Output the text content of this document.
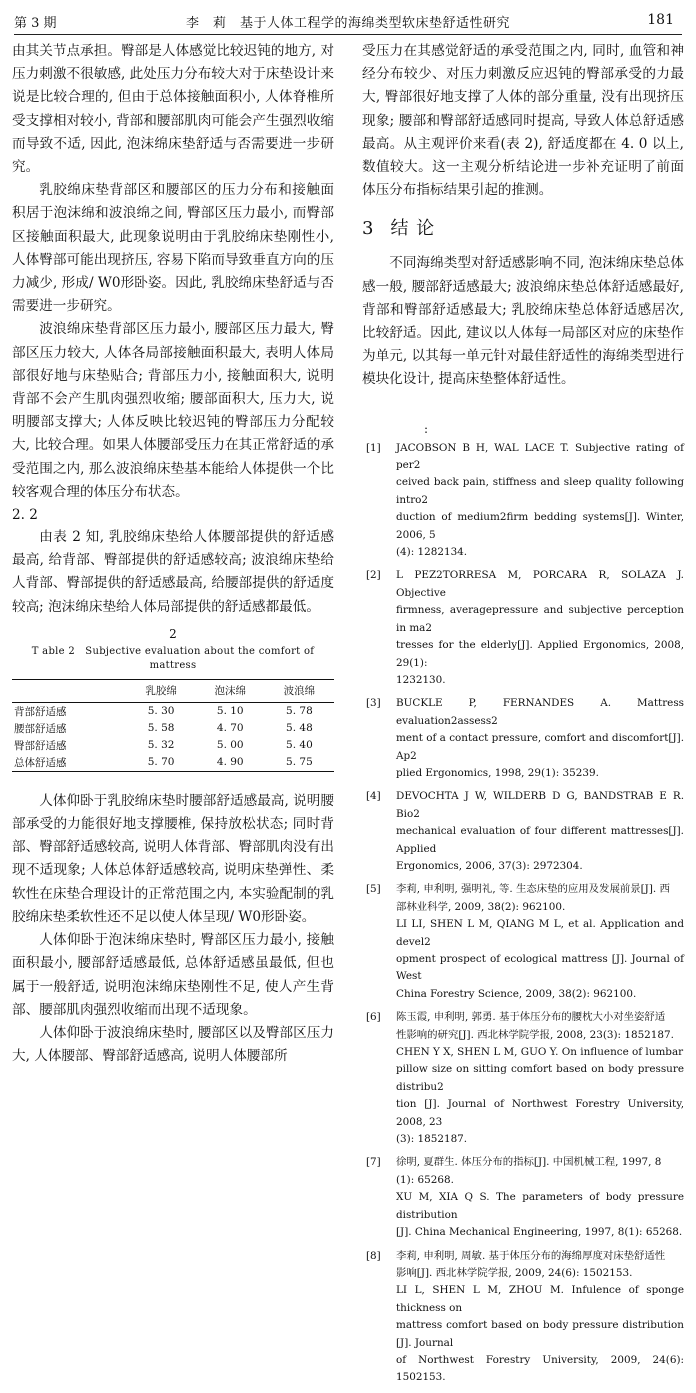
第 3 期	李　莉　基于人体工程学的海绵类型软床垫舒适性研究	181

由其关节点承担。臀部是人体感觉比较迟钝的地方, 对压力刺激不很敏感, 此处压力分布较大对于床垫设计来说是比较合理的, 但由于总体接触面积小, 人体脊椎所受支撑相对较小, 背部和腰部肌肉可能会产生强烈收缩而导致不适, 因此, 泡沫绵床垫舒适与否需要进一步研究。

乳胶绵床垫背部区和腰部区的压力分布和接触面积居于泡沫绵和波浪绵之间, 臀部区压力最小, 而臀部区接触面积最大, 此现象说明由于乳胶绵床垫刚性小, 人体臀部可能出现挤压, 容易下陷而导致垂直方向的压力减少, 形成/ W0形卧姿。因此, 乳胶绵床垫舒适与否需要进一步研究。

波浪绵床垫背部区压力最小, 腰部区压力最大, 臀部区压力较大, 人体各局部接触面积最大, 表明人体局部很好地与床垫贴合; 背部压力小, 接触面积大, 说明背部不会产生肌肉强烈收缩; 腰部面积大, 压力大, 说明腰部支撑大; 人体反映比较迟钝的臀部压力分配较大, 比较合理。如果人体腰部受压力在其正常舒适的承受范围之内, 那么波浪绵床垫基本能给人体提供一个比较客观合理的体压分布状态。

2. 2

由表 2 知, 乳胶绵床垫给人体腰部提供的舒适感最高, 给背部、臀部提供的舒适感较高; 波浪绵床垫给人背部、臀部提供的舒适感最高, 给腰部提供的舒适度较高; 泡沫绵床垫给人体局部提供的舒适感都最低。

2
T able 2　Subjective evaluation about the comfort of mattress
	乳胶绵	泡沫绵	波浪绵
背部舒适感	5. 30	5. 10	5. 78
腰部舒适感	5. 58	4. 70	5. 48
臀部舒适感	5. 32	5. 00	5. 40
总体舒适感	5. 70	4. 90	5. 75

人体仰卧于乳胶绵床垫时腰部舒适感最高, 说明腰部承受的力能很好地支撑腰椎, 保持放松状态; 同时背部、臀部舒适感较高, 说明人体背部、臀部肌肉没有出现不适现象; 人体总体舒适感较高, 说明床垫弹性、柔软性在床垫合理设计的正常范围之内, 本实验配制的乳胶绵床垫柔软性还不足以使人体呈现/ W0形卧姿。

人体仰卧于泡沫绵床垫时, 臀部区压力最小, 接触面积最小, 腰部舒适感最低, 总体舒适感虽最低, 但也属于一般舒适, 说明泡沫绵床垫刚性不足, 使人产生背部、腰部肌肉强烈收缩而出现不适现象。

人体仰卧于波浪绵床垫时, 腰部区以及臀部区压力大, 人体腰部、臀部舒适感高, 说明人体腰部所

受压力在其感觉舒适的承受范围之内, 同时, 血管和神经分布较少、对压力刺激反应迟钝的臀部承受的力最大, 臀部很好地支撑了人体的部分重量, 没有出现挤压现象; 腰部和臀部舒适感同时提高, 导致人体总舒适感最高。从主观评价来看(表 2), 舒适度都在 4. 0 以上, 数值较大。这一主观分析结论进一步补充证明了前面体压分布指标结果引起的推测。

3 结 论

不同海绵类型对舒适感影响不同, 泡沫绵床垫总体感一般, 腰部舒适感最大; 波浪绵床垫总体舒适感最好, 背部和臀部舒适感最大; 乳胶绵床垫总体舒适感居次, 比较舒适。因此, 建议以人体每一局部区对应的床垫作为单元, 以其每一单元针对最佳舒适性的海绵类型进行模块化设计, 提高床垫整体舒适性。

:
[1] JACOBSON B H, WAL LACE T. Subjective rating of per2
ceived back pain, stiffness and sleep quality following intro2
duction of medium2firm bedding systems[J]. Winter, 2006, 5
(4): 1282134.
[2] L PEZ2TORRESA M, PORCARA R, SOLAZA J. Objective
firmness, averagepressure and subjective perception in ma2
tresses for the elderly[J]. Applied Ergonomics, 2008, 29(1):
1232130.
[3] BUCKLE P, FERNANDES A. Mattress evaluation2assess2
ment of a contact pressure, comfort and discomfort[J]. Ap2
plied Ergonomics, 1998, 29(1): 35239.
[4] DEVOCHTA J W, WILDERB D G, BANDSTRAB E R. Bio2
mechanical evaluation of four different mattresses[J]. Applied
Ergonomics, 2006, 37(3): 2972304.
[5] 李莉, 申利明, 强明礼, 等. 生态床垫的应用及发展前景[J]. 西
部林业科学, 2009, 38(2): 962100.
LI LI, SHEN L M, QIANG M L, et al. Application and devel2
opment prospect of ecological mattress [J]. Journal of West
China Forestry Science, 2009, 38(2): 962100.
[6] 陈玉霞, 申利明, 郭勇. 基于体压分布的腰枕大小对坐姿舒适
性影响的研究[J]. 西北林学院学报, 2008, 23(3): 1852187.
CHEN Y X, SHEN L M, GUO Y. On influence of lumbar
pillow size on sitting comfort based on body pressure distribu2
tion [J]. Journal of Northwest Forestry University, 2008, 23
(3): 1852187.
[7] 徐明, 夏群生. 体压分布的指标[J]. 中国机械工程, 1997, 8
(1): 65268.
XU M, XIA Q S. The parameters of body pressure distribution
[J]. China Mechanical Engineering, 1997, 8(1): 65268.
[8] 李莉, 申利明, 周敏. 基于体压分布的海绵厚度对床垫舒适性
影响[J]. 西北林学院学报, 2009, 24(6): 1502153.
LI L, SHEN L M, ZHOU M. Infulence of sponge thickness on
mattress comfort based on body pressure distribution [J]. Journal
of Northwest Forestry University, 2009, 24(6): 1502153.
